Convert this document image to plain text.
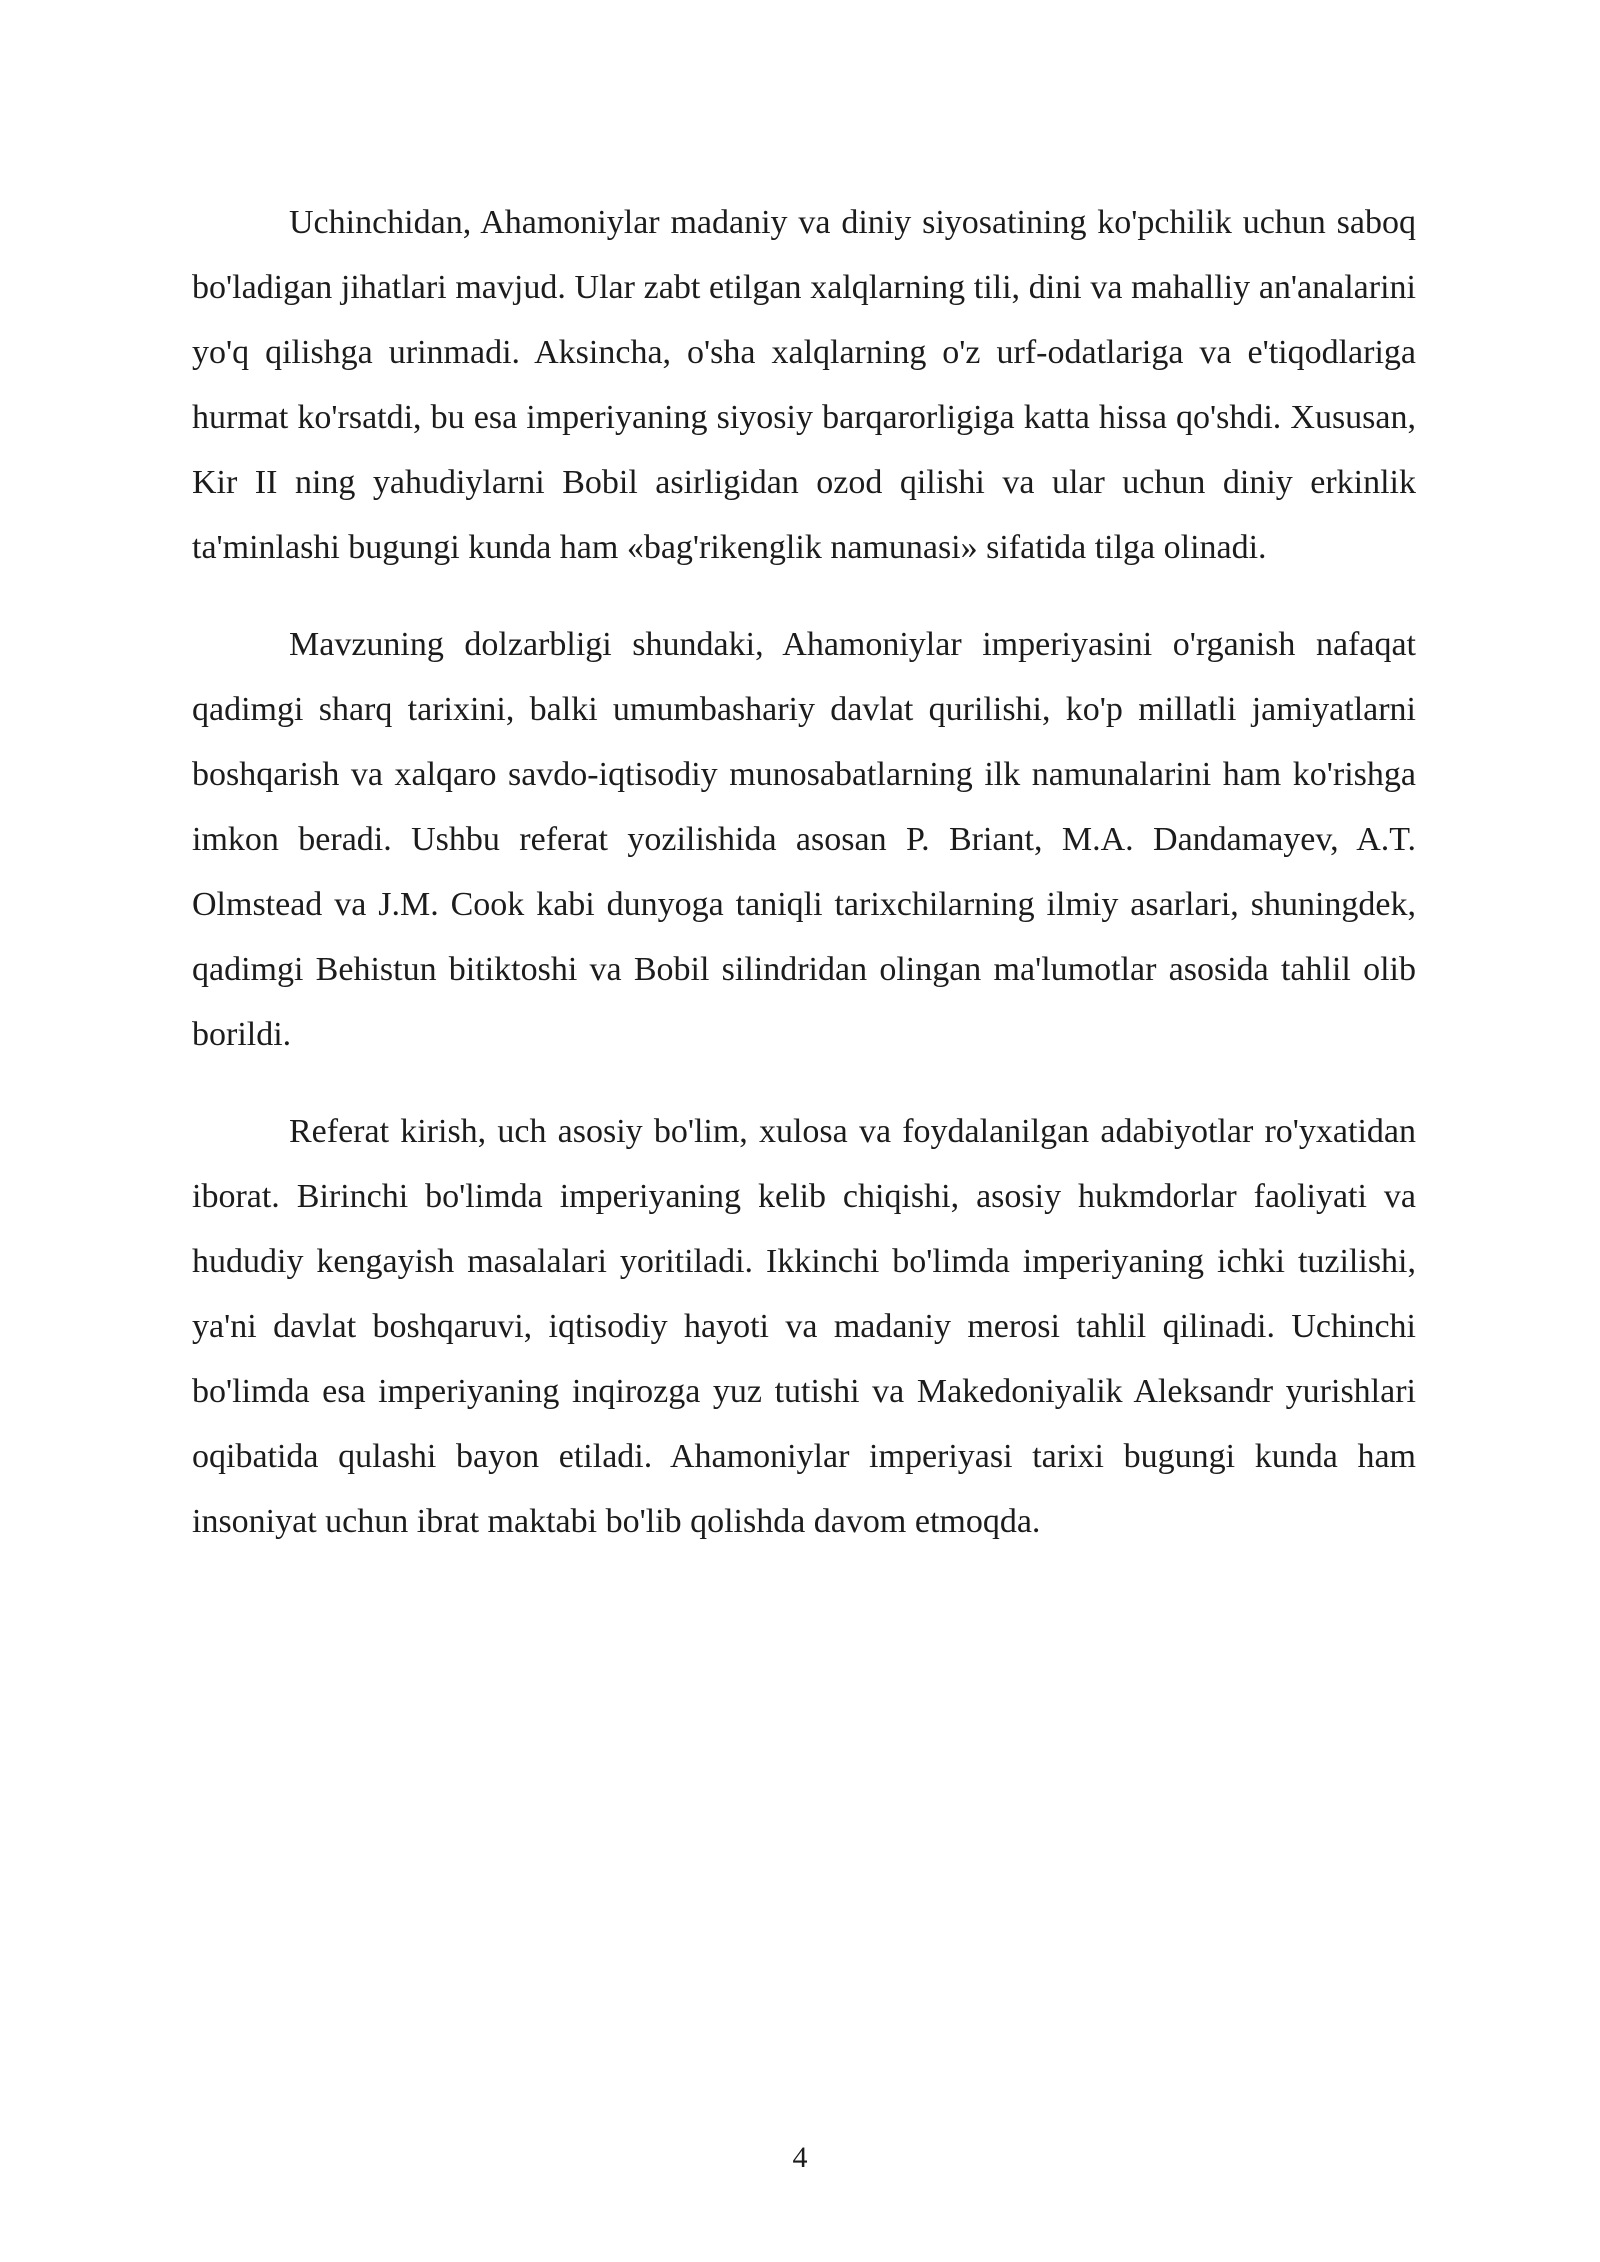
Uchinchidan, Ahamoniylar madaniy va diniy siyosatining ko'pchilik uchun saboq bo'ladigan jihatlari mavjud. Ular zabt etilgan xalqlarning tili, dini va mahalliy an'analarini yo'q qilishga urinmadi. Aksincha, o'sha xalqlarning o'z urf-odatlariga va e'tiqodlariga hurmat ko'rsatdi, bu esa imperiyaning siyosiy barqarorligiga katta hissa qo'shdi. Xususan, Kir II ning yahudiylarni Bobil asirligidan ozod qilishi va ular uchun diniy erkinlik ta'minlashi bugungi kunda ham «bag'rikenglik namunasi» sifatida tilga olinadi.

Mavzuning dolzarbligi shundaki, Ahamoniylar imperiyasini o'rganish nafaqat qadimgi sharq tarixini, balki umumbashariy davlat qurilishi, ko'p millatli jamiyatlarni boshqarish va xalqaro savdo-iqtisodiy munosabatlarning ilk namunalarini ham ko'rishga imkon beradi. Ushbu referat yozilishida asosan P. Briant, M.A. Dandamayev, A.T. Olmstead va J.M. Cook kabi dunyoga taniqli tarixchilarning ilmiy asarlari, shuningdek, qadimgi Behistun bitiktoshi va Bobil silindridan olingan ma'lumotlar asosida tahlil olib borildi.

Referat kirish, uch asosiy bo'lim, xulosa va foydalanilgan adabiyotlar ro'yxatidan iborat. Birinchi bo'limda imperiyaning kelib chiqishi, asosiy hukmdorlar faoliyati va hududiy kengayish masalalari yoritiladi. Ikkinchi bo'limda imperiyaning ichki tuzilishi, ya'ni davlat boshqaruvi, iqtisodiy hayoti va madaniy merosi tahlil qilinadi. Uchinchi bo'limda esa imperiyaning inqirozga yuz tutishi va Makedoniyalik Aleksandr yurishlari oqibatida qulashi bayon etiladi. Ahamoniylar imperiyasi tarixi bugungi kunda ham insoniyat uchun ibrat maktabi bo'lib qolishda davom etmoqda.

4
